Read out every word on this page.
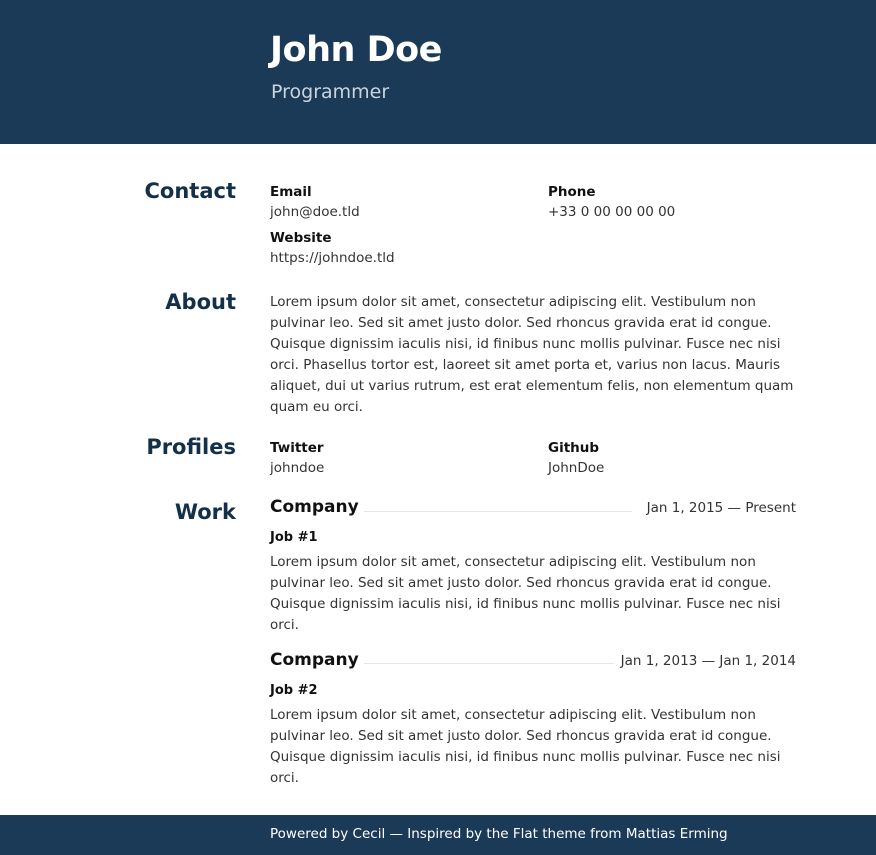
John Doe
Programmer
Contact	Email
john@doe.tld
Phone
+33 0 00 00 00 00
Website
https://johndoe.tld
About	Lorem ipsum dolor sit amet, consectetur adipiscing elit. Vestibulum non pulvinar leo. Sed sit amet justo dolor. Sed rhoncus gravida erat id congue. Quisque dignissim iaculis nisi, id finibus nunc mollis pulvinar. Fusce nec nisi orci. Phasellus tortor est, laoreet sit amet porta et, varius non lacus. Mauris aliquet, dui ut varius rutrum, est erat elementum felis, non elementum quam quam eu orci.
Profiles	Twitter
johndoe
Github
JohnDoe
Work Company	Jan 1, 2015 — Present
Job #1
Lorem ipsum dolor sit amet, consectetur adipiscing elit. Vestibulum non pulvinar leo. Sed sit amet justo dolor. Sed rhoncus gravida erat id congue. Quisque dignissim iaculis nisi, id finibus nunc mollis pulvinar. Fusce nec nisi orci.
Company	Jan 1, 2013 — Jan 1, 2014
Job #2
Lorem ipsum dolor sit amet, consectetur adipiscing elit. Vestibulum non pulvinar leo. Sed sit amet justo dolor. Sed rhoncus gravida erat id congue. Quisque dignissim iaculis nisi, id finibus nunc mollis pulvinar. Fusce nec nisi orci.
Powered by Cecil — Inspired by the Flat theme from Mattias Erming
